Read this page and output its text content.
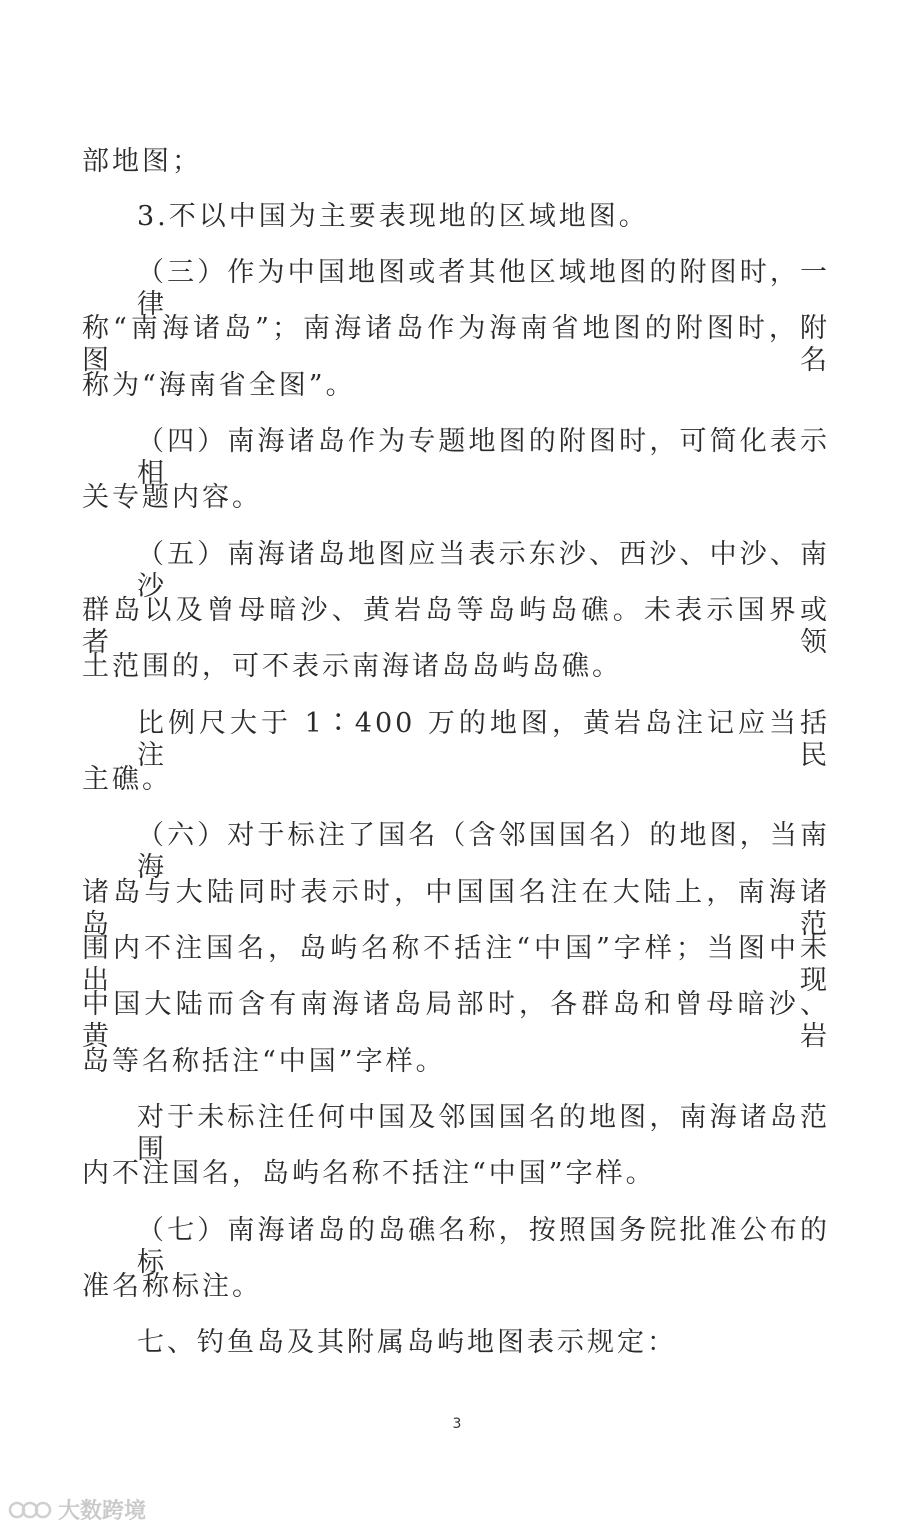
部地图；
3.不以中国为主要表现地的区域地图。
（三）作为中国地图或者其他区域地图的附图时，一律
称“南海诸岛”；南海诸岛作为海南省地图的附图时，附图名
称为“海南省全图”。
（四）南海诸岛作为专题地图的附图时，可简化表示相
关专题内容。
（五）南海诸岛地图应当表示东沙、西沙、中沙、南沙
群岛以及曾母暗沙、黄岩岛等岛屿岛礁。未表示国界或者领
土范围的，可不表示南海诸岛岛屿岛礁。
比例尺大于 1∶400 万的地图，黄岩岛注记应当括注民
主礁。
（六）对于标注了国名（含邻国国名）的地图，当南海
诸岛与大陆同时表示时，中国国名注在大陆上，南海诸岛范
围内不注国名，岛屿名称不括注“中国”字样；当图中未出现
中国大陆而含有南海诸岛局部时，各群岛和曾母暗沙、黄岩
岛等名称括注“中国”字样。
对于未标注任何中国及邻国国名的地图，南海诸岛范围
内不注国名，岛屿名称不括注“中国”字样。
（七）南海诸岛的岛礁名称，按照国务院批准公布的标
准名称标注。
七、钓鱼岛及其附属岛屿地图表示规定：
3
大数跨境
